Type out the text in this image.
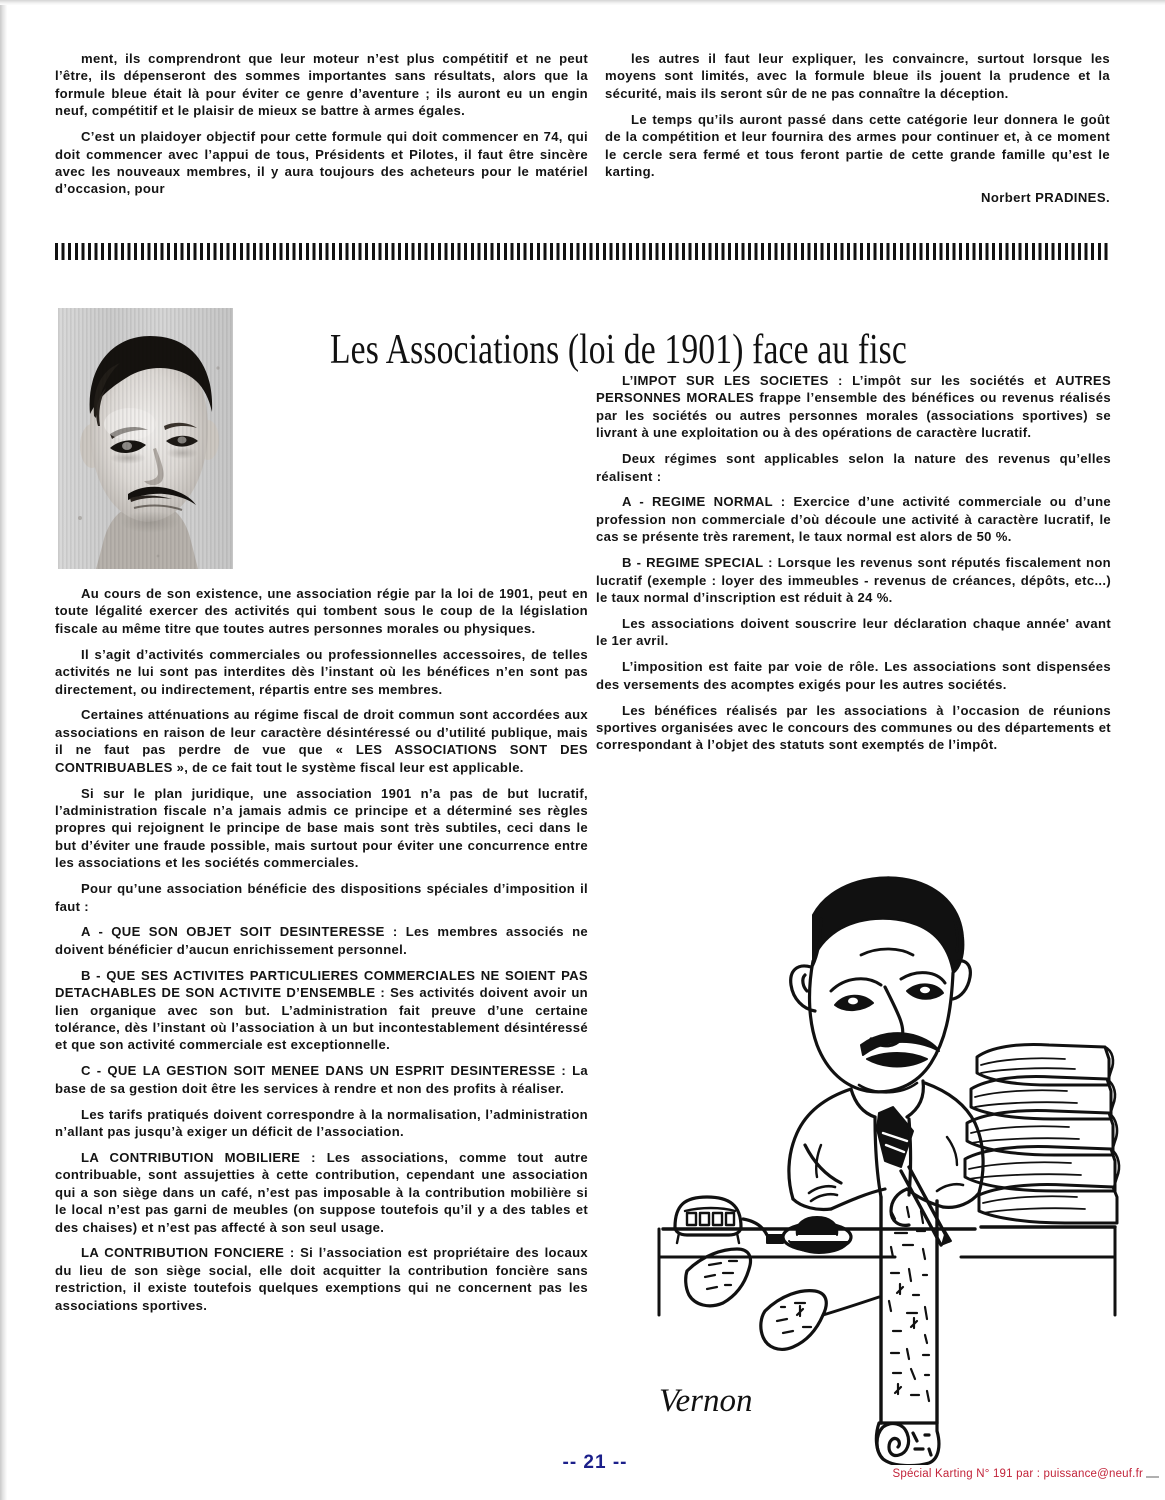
ment, ils comprendront que leur moteur n’est plus compétitif et ne peut l’être, ils dépenseront des sommes importantes sans résultats, alors que la formule bleue était là pour éviter ce genre d’aventure ; ils auront eu un engin neuf, compétitif et le plaisir de mieux se battre à armes égales.

C’est un plaidoyer objectif pour cette formule qui doit commencer en 74, qui doit commencer avec l’appui de tous, Présidents et Pilotes, il faut être sincère avec les nouveaux membres, il y aura toujours des acheteurs pour le matériel d’occasion, pour

les autres il faut leur expliquer, les convaincre, surtout lorsque les moyens sont limités, avec la formule bleue ils jouent la prudence et la sécurité, mais ils seront sûr de ne pas connaître la déception.

Le temps qu’ils auront passé dans cette catégorie leur donnera le goût de la compétition et leur fournira des armes pour continuer et, à ce moment le cercle sera fermé et tous feront partie de cette grande famille qu’est le karting.

Norbert PRADINES.

Les Associations (loi de 1901) face au fisc

L’IMPOT SUR LES SOCIETES : L’impôt sur les sociétés et AUTRES PERSONNES MORALES frappe l’ensemble des bénéfices ou revenus réalisés par les sociétés ou autres personnes morales (associations sportives) se livrant à une exploitation ou à des opérations de caractère lucratif.

Deux régimes sont applicables selon la nature des revenus qu’elles réalisent :

A - REGIME NORMAL : Exercice d’une activité commerciale ou d’une profession non commerciale d’où découle une activité à caractère lucratif, le cas se présente très rarement, le taux normal est alors de 50 %.

B - REGIME SPECIAL : Lorsque les revenus sont réputés fiscalement non lucratif (exemple : loyer des immeubles - revenus de créances, dépôts, etc...) le taux normal d’inscription est réduit à 24 %.

Les associations doivent souscrire leur déclaration chaque année' avant le 1er avril.

L’imposition est faite par voie de rôle. Les associations sont dispensées des versements des acomptes exigés pour les autres sociétés.

Les bénéfices réalisés par les associations à l’occasion de réunions sportives organisées avec le concours des communes ou des départements et correspondant à l’objet des statuts sont exemptés de l’impôt.

Au cours de son existence, une association régie par la loi de 1901, peut en toute légalité exercer des activités qui tombent sous le coup de la législation fiscale au même titre que toutes autres personnes morales ou physiques.

Il s’agit d’activités commerciales ou professionnelles accessoires, de telles activités ne lui sont pas interdites dès l’instant où les bénéfices n’en sont pas directement, ou indirectement, répartis entre ses membres.

Certaines atténuations au régime fiscal de droit commun sont accordées aux associations en raison de leur caractère désintéressé ou d’utilité publique, mais il ne faut pas perdre de vue que « LES ASSOCIATIONS SONT DES CONTRIBUABLES », de ce fait tout le système fiscal leur est applicable.

Si sur le plan juridique, une association 1901 n’a pas de but lucratif, l’administration fiscale n’a jamais admis ce principe et a déterminé ses règles propres qui rejoignent le principe de base mais sont très subtiles, ceci dans le but d’éviter une fraude possible, mais surtout pour éviter une concurrence entre les associations et les sociétés commerciales.

Pour qu’une association bénéficie des dispositions spéciales d’imposition il faut :

A - QUE SON OBJET SOIT DESINTERESSE : Les membres associés ne doivent bénéficier d’aucun enrichissement personnel.

B - QUE SES ACTIVITES PARTICULIERES COMMERCIALES NE SOIENT PAS DETACHABLES DE SON ACTIVITE D’ENSEMBLE : Ses activités doivent avoir un lien organique avec son but. L’administration fait preuve d’une certaine tolérance, dès l’instant où l’association à un but incontestablement désintéressé et que son activité commerciale est exceptionnelle.

C - QUE LA GESTION SOIT MENEE DANS UN ESPRIT DESINTERESSE : La base de sa gestion doit être les services à rendre et non des profits à réaliser.

Les tarifs pratiqués doivent correspondre à la normalisation, l’administration n’allant pas jusqu’à exiger un déficit de l’association.

LA CONTRIBUTION MOBILIERE : Les associations, comme tout autre contribuable, sont assujetties à cette contribution, cependant une association qui a son siège dans un café, n’est pas imposable à la contribution mobilière si le local n’est pas garni de meubles (on suppose toutefois qu’il y a des tables et des chaises) et n’est pas affecté à son seul usage.

LA CONTRIBUTION FONCIERE : Si l’association est propriétaire des locaux du lieu de son siège social, elle doit acquitter la contribution foncière sans restriction, il existe toutefois quelques exemptions qui ne concernent pas les associations sportives.

Vernon
-- 21 --
Spécial Karting N° 191 par : puissance@neuf.fr
